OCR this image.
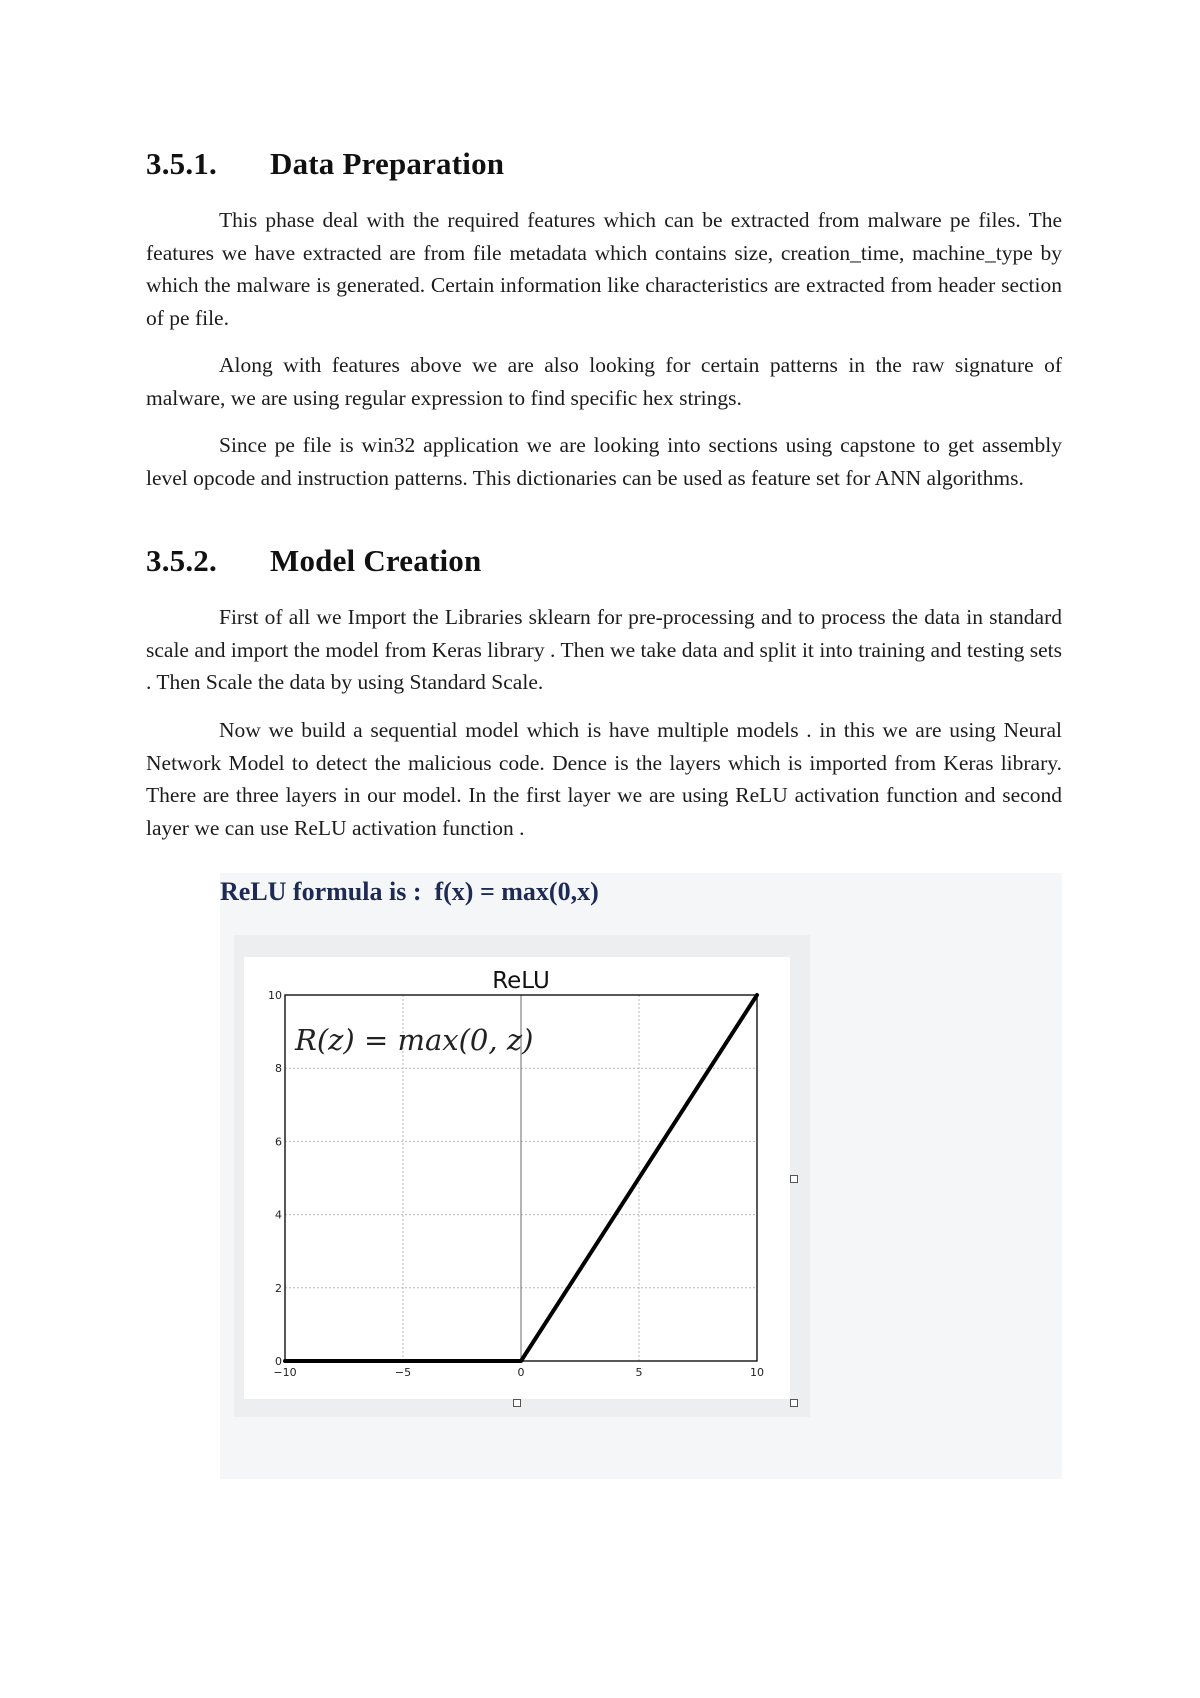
3.5.1. Data Preparation

This phase deal with the required features which can be extracted from malware pe files. The features we have extracted are from file metadata which contains size, creation_time, machine_type by which the malware is generated. Certain information like characteristics are extracted from header section of pe file.

Along with features above we are also looking for certain patterns in the raw signature of malware, we are using regular expression to find specific hex strings.

Since pe file is win32 application we are looking into sections using capstone to get assembly level opcode and instruction patterns. This dictionaries can be used as feature set for ANN algorithms.

3.5.2. Model Creation

First of all we Import the Libraries sklearn for pre-processing and to process the data in standard scale and import the model from Keras library . Then we take data and split it into training and testing sets . Then Scale the data by using Standard Scale.

Now we build a sequential model which is have multiple models . in this we are using Neural Network Model to detect the malicious code. Dence is the layers which is imported from Keras library. There are three layers in our model. In the first layer we are using ReLU activation function and second layer we can use ReLU activation function .

ReLU formula is :  f(x) = max(0,x)
−10	−5	0	5	10
0
2
4
6
8
10
ReLU
R(z) = max(0, z)
